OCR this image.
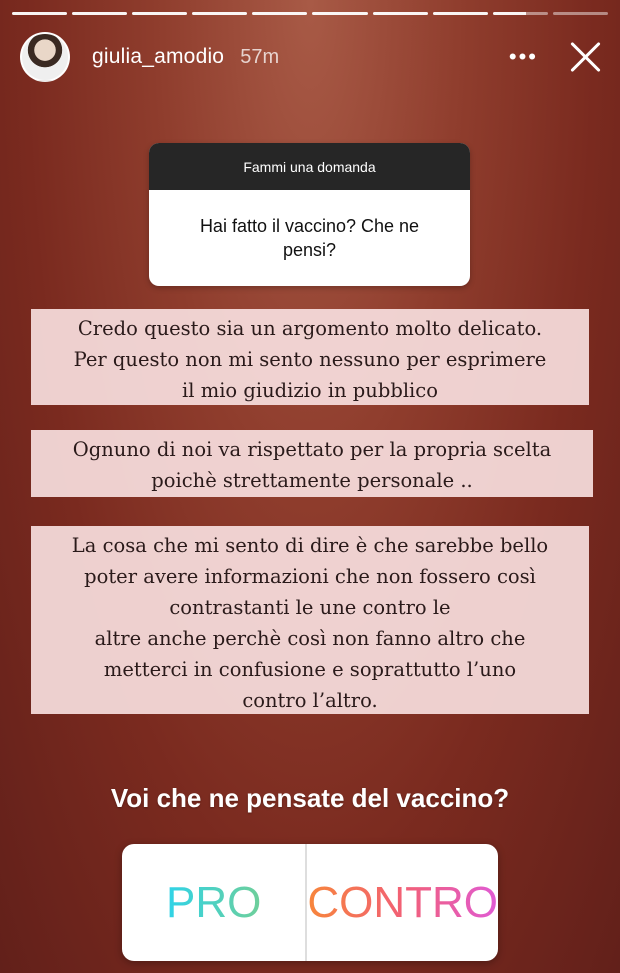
giulia_amodio 57m	•••
Fammi una domanda
Hai fatto il vaccino? Che ne pensi?

Credo questo sia un argomento molto delicato.

Per questo non mi sento nessuno per esprimere

il mio giudizio in pubblico

Ognuno di noi va rispettato per la propria scelta

poichè strettamente personale ..

La cosa che mi sento di dire è che sarebbe bello

poter avere informazioni che non fossero così

contrastanti le une contro le

altre anche perchè così non fanno altro che

metterci in confusione e soprattutto l’uno

contro l’altro.

Voi che ne pensate del vaccino?
PRO CONTRO
